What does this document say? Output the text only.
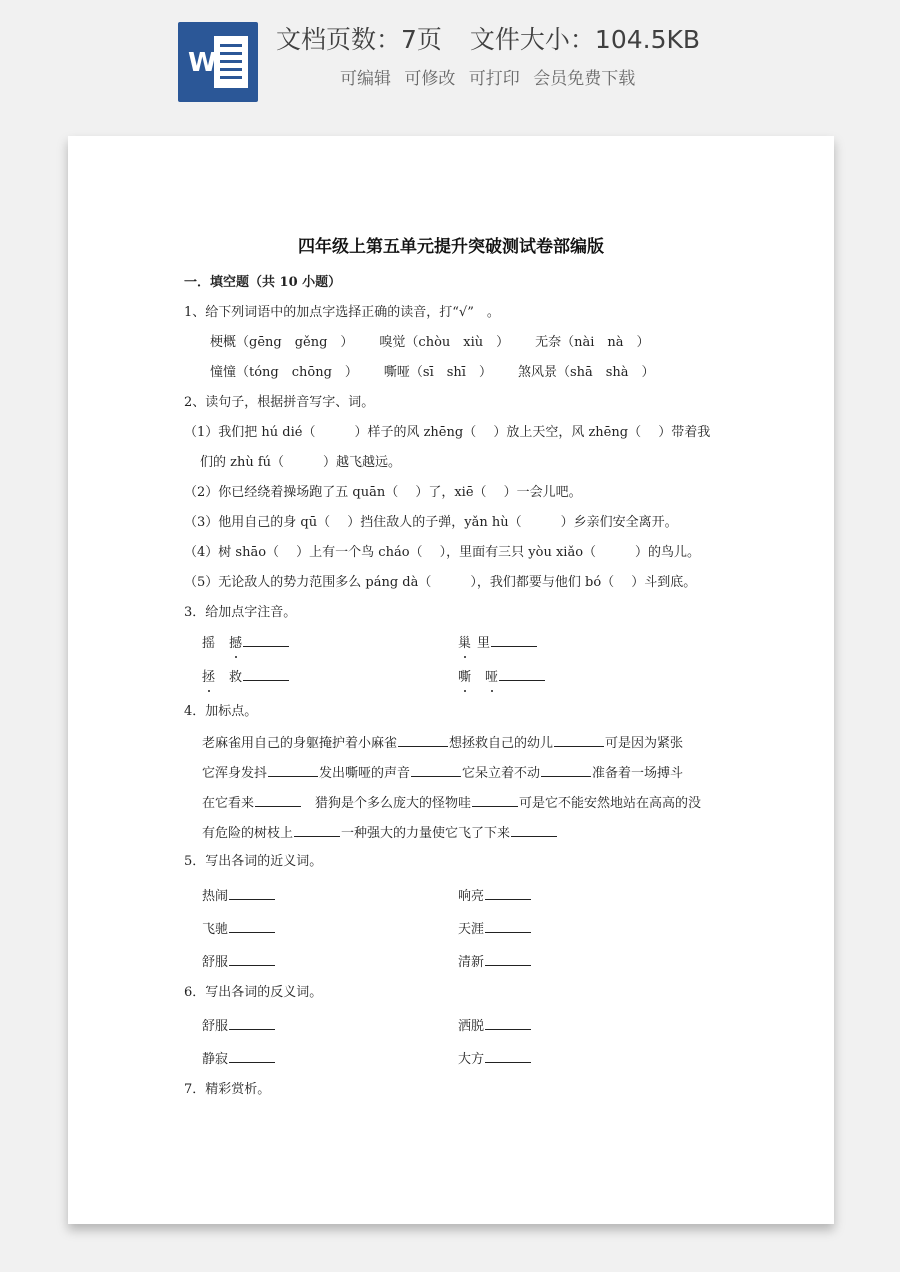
W
文档页数：7页 文件大小：104.5KB
可编辑 可修改 可打印 会员免费下载
四年级上第五单元提升突破测试卷部编版
一．填空题（共 10 小题）
1、给下列词语中的加点字选择正确的读音，打“√”　。
梗概（gēng　gěng　） 嗅觉（chòu　xiù　） 无奈（nài　nà　）
憧憧（tóng　chōng　） 嘶哑（sī　shī　） 煞风景（shā　shà　）
2、读句子，根据拼音写字、词。
（1）我们把 hú dié（　　　）样子的风 zhēng（　 ）放上天空，风 zhēng（　 ）带着我
们的 zhù fú（　　　）越飞越远。
（2）你已经绕着操场跑了五 quān（　 ）了，xiē（　 ）一会儿吧。
（3）他用自己的身 qū（　 ）挡住敌人的子弹，yǎn hù（　　　）乡亲们安全离开。
（4）树 shāo（　 ）上有一个鸟 cháo（　 ），里面有三只 yòu xiǎo（　　　）的鸟儿。
（5）无论敌人的势力范围多么 páng dà（　　　），我们都要与他们 bó（　 ）斗到底。
3．给加点字注音。
摇 撼	巢 里
拯 救	嘶 哑
4．加标点。
老麻雀用自己的身躯掩护着小麻雀	想拯救自己的幼儿	可是因为紧张
它浑身发抖	发出嘶哑的声音	它呆立着不动	准备着一场搏斗
在它看来	　猎狗是个多么庞大的怪物哇	可是它不能安然地站在高高的没
有危险的树枝上	一种强大的力量使它飞了下来
5．写出各词的近义词。
热闹	响亮
飞驰	天涯
舒服	清新
6．写出各词的反义词。
舒服	洒脱
静寂	大方
7．精彩赏析。
